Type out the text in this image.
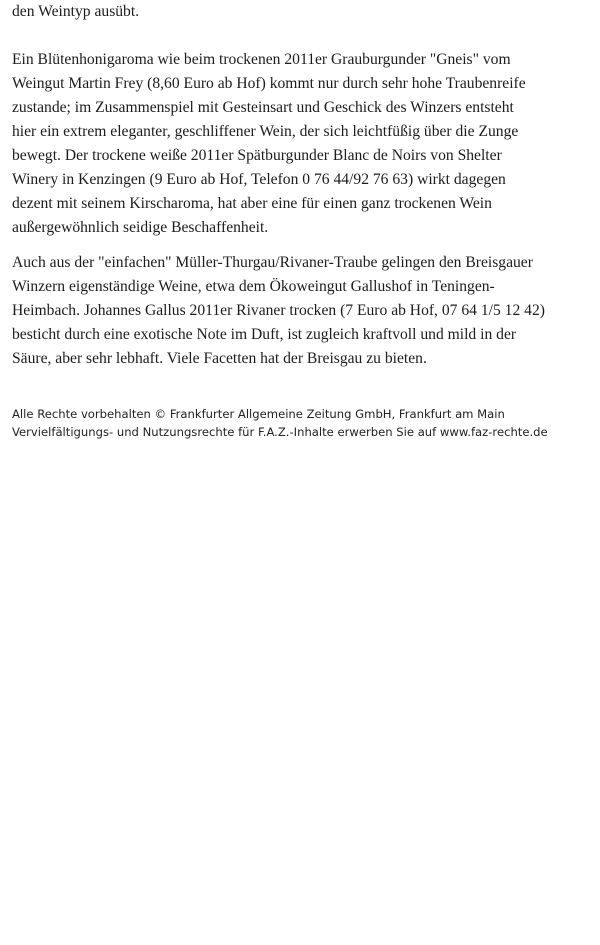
den Weintyp ausübt.

Ein Blütenhonigaroma wie beim trockenen 2011er Grauburgunder "Gneis" vom
Weingut Martin Frey (8,60 Euro ab Hof) kommt nur durch sehr hohe Traubenreife
zustande; im Zusammenspiel mit Gesteinsart und Geschick des Winzers entsteht
hier ein extrem eleganter, geschliffener Wein, der sich leichtfüßig über die Zunge
bewegt. Der trockene weiße 2011er Spätburgunder Blanc de Noirs von Shelter
Winery in Kenzingen (9 Euro ab Hof, Telefon 0 76 44/92 76 63) wirkt dagegen
dezent mit seinem Kirscharoma, hat aber eine für einen ganz trockenen Wein
außergewöhnlich seidige Beschaffenheit.

Auch aus der "einfachen" Müller-Thurgau/Rivaner-Traube gelingen den Breisgauer
Winzern eigenständige Weine, etwa dem Ökoweingut Gallushof in Teningen-
Heimbach. Johannes Gallus 2011er Rivaner trocken (7 Euro ab Hof, 07 64 1/5 12 42)
besticht durch eine exotische Note im Duft, ist zugleich kraftvoll und mild in der
Säure, aber sehr lebhaft. Viele Facetten hat der Breisgau zu bieten.

Alle Rechte vorbehalten © Frankfurter Allgemeine Zeitung GmbH, Frankfurt am Main
Vervielfältigungs- und Nutzungsrechte für F.A.Z.-Inhalte erwerben Sie auf www.faz-rechte.de
